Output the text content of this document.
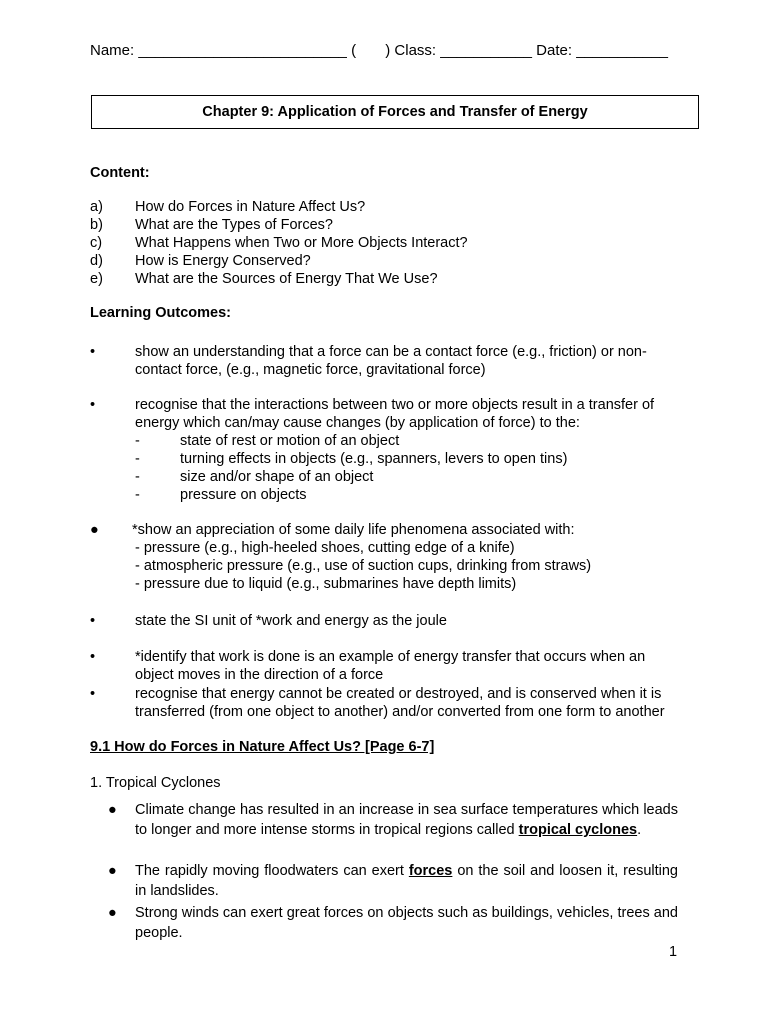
Name: _________________________ (       ) Class: ___________ Date: ___________
Chapter 9: Application of Forces and Transfer of Energy
Content:
a)	How do Forces in Nature Affect Us?
b)	What are the Types of Forces?
c)	What Happens when Two or More Objects Interact?
d)	How is Energy Conserved?
e)	What are the Sources of Energy That We Use?
Learning Outcomes:
•	show an understanding that a force can be a contact force (e.g., friction) or non-contact force, (e.g., magnetic force, gravitational force)
•	recognise that the interactions between two or more objects result in a transfer of energy which can/may cause changes (by application of force) to the:
-	state of rest or motion of an object
-	turning effects in objects (e.g., spanners, levers to open tins)
-	size and/or shape of an object
-	pressure on objects
●	*show an appreciation of some daily life phenomena associated with:
- pressure (e.g., high-heeled shoes, cutting edge of a knife)
- atmospheric pressure (e.g., use of suction cups, drinking from straws)
- pressure due to liquid (e.g., submarines have depth limits)
•	state the SI unit of *work and energy as the joule
•	*identify that work is done is an example of energy transfer that occurs when an object moves in the direction of a force
•	recognise that energy cannot be created or destroyed, and is conserved when it is transferred (from one object to another) and/or converted from one form to another
9.1 How do Forces in Nature Affect Us? [Page 6-7]
1. Tropical Cyclones
● Climate change has resulted in an increase in sea surface temperatures which leads to longer and more intense storms in tropical regions called tropical cyclones.
● The rapidly moving floodwaters can exert forces on the soil and loosen it, resulting in landslides.
● Strong winds can exert great forces on objects such as buildings, vehicles, trees and people.
1
